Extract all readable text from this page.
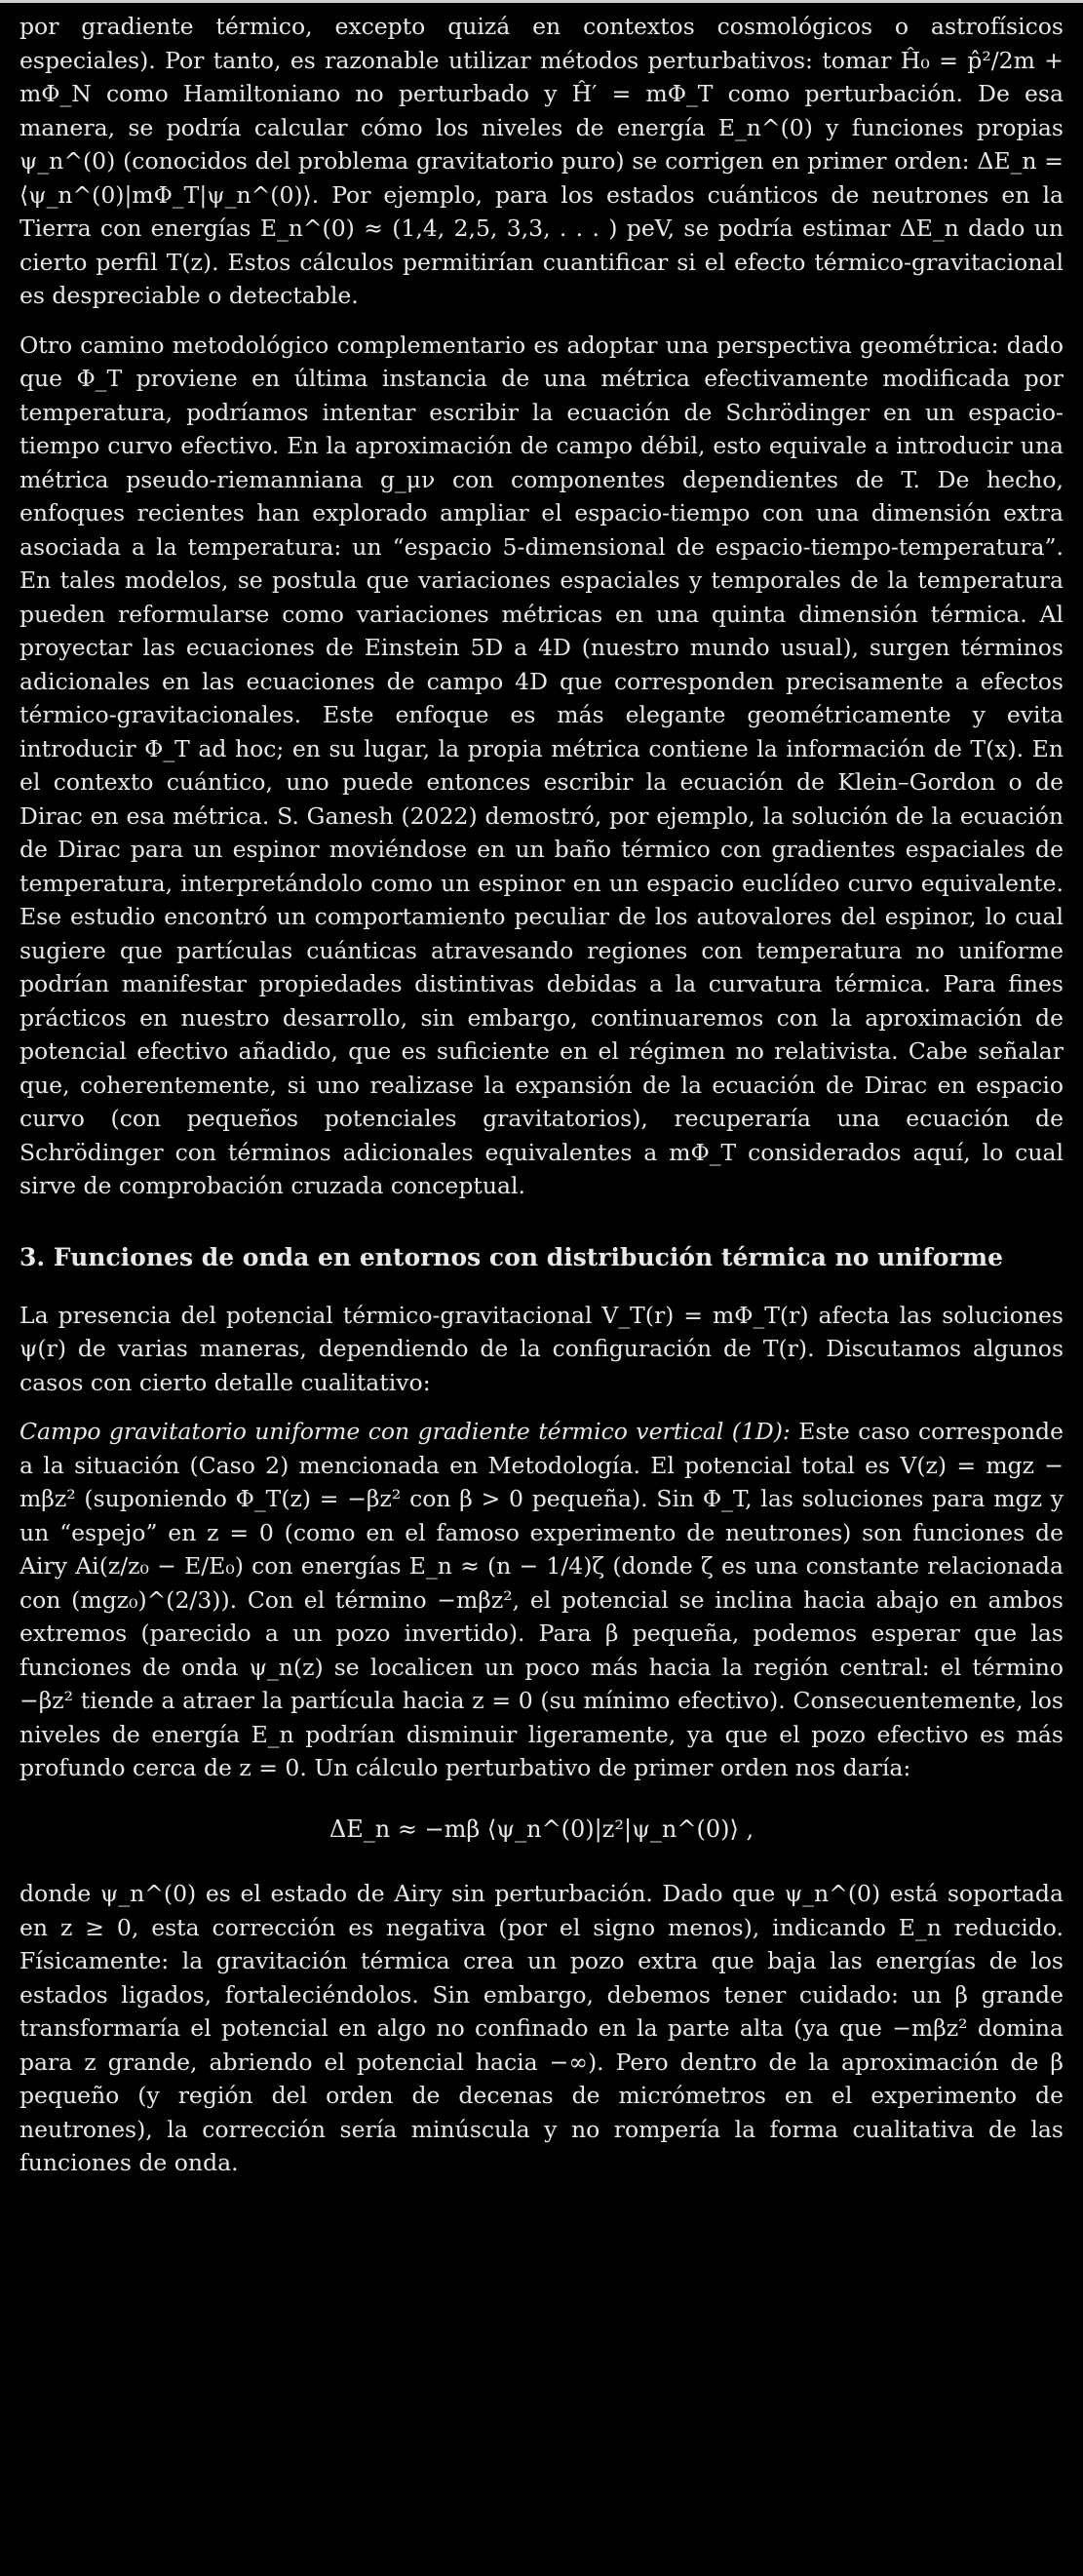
por gradiente térmico, excepto quizá en contextos cosmológicos o astrofísicos especiales). Por tanto, es razonable utilizar métodos perturbativos: tomar Ĥ₀ = p̂²/2m + mΦ_N como Hamiltoniano no perturbado y Ĥ′ = mΦ_T como perturbación. De esa manera, se podría calcular cómo los niveles de energía E_n^(0) y funciones propias ψ_n^(0) (conocidos del problema gravitatorio puro) se corrigen en primer orden: ΔE_n = ⟨ψ_n^(0)|mΦ_T|ψ_n^(0)⟩. Por ejemplo, para los estados cuánticos de neutrones en la Tierra con energías E_n^(0) ≈ (1,4, 2,5, 3,3, . . . ) peV, se podría estimar ΔE_n dado un cierto perfil T(z). Estos cálculos permitirían cuantificar si el efecto térmico-gravitacional es despreciable o detectable.

Otro camino metodológico complementario es adoptar una perspectiva geométrica: dado que Φ_T proviene en última instancia de una métrica efectivamente modificada por temperatura, podríamos intentar escribir la ecuación de Schrödinger en un espacio-tiempo curvo efectivo. En la aproximación de campo débil, esto equivale a introducir una métrica pseudo-riemanniana g_μν con componentes dependientes de T. De hecho, enfoques recientes han explorado ampliar el espacio-tiempo con una dimensión extra asociada a la temperatura: un “espacio 5-dimensional de espacio-tiempo-temperatura”. En tales modelos, se postula que variaciones espaciales y temporales de la temperatura pueden reformularse como variaciones métricas en una quinta dimensión térmica. Al proyectar las ecuaciones de Einstein 5D a 4D (nuestro mundo usual), surgen términos adicionales en las ecuaciones de campo 4D que corresponden precisamente a efectos térmico-gravitacionales. Este enfoque es más elegante geométricamente y evita introducir Φ_T ad hoc; en su lugar, la propia métrica contiene la información de T(x). En el contexto cuántico, uno puede entonces escribir la ecuación de Klein–Gordon o de Dirac en esa métrica. S. Ganesh (2022) demostró, por ejemplo, la solución de la ecuación de Dirac para un espinor moviéndose en un baño térmico con gradientes espaciales de temperatura, interpretándolo como un espinor en un espacio euclídeo curvo equivalente. Ese estudio encontró un comportamiento peculiar de los autovalores del espinor, lo cual sugiere que partículas cuánticas atravesando regiones con temperatura no uniforme podrían manifestar propiedades distintivas debidas a la curvatura térmica. Para fines prácticos en nuestro desarrollo, sin embargo, continuaremos con la aproximación de potencial efectivo añadido, que es suficiente en el régimen no relativista. Cabe señalar que, coherentemente, si uno realizase la expansión de la ecuación de Dirac en espacio curvo (con pequeños potenciales gravitatorios), recuperaría una ecuación de Schrödinger con términos adicionales equivalentes a mΦ_T considerados aquí, lo cual sirve de comprobación cruzada conceptual.

3. Funciones de onda en entornos con distribución térmica no uniforme

La presencia del potencial térmico-gravitacional V_T(r) = mΦ_T(r) afecta las soluciones ψ(r) de varias maneras, dependiendo de la configuración de T(r). Discutamos algunos casos con cierto detalle cualitativo:

Campo gravitatorio uniforme con gradiente térmico vertical (1D): Este caso corresponde a la situación (Caso 2) mencionada en Metodología. El potencial total es V(z) = mgz − mβz² (suponiendo Φ_T(z) = −βz² con β > 0 pequeña). Sin Φ_T, las soluciones para mgz y un “espejo” en z = 0 (como en el famoso experimento de neutrones) son funciones de Airy Ai(z/z₀ − E/E₀) con energías E_n ≈ (n − 1/4)ζ (donde ζ es una constante relacionada con (mgz₀)^(2/3)). Con el término −mβz², el potencial se inclina hacia abajo en ambos extremos (parecido a un pozo invertido). Para β pequeña, podemos esperar que las funciones de onda ψ_n(z) se localicen un poco más hacia la región central: el término −βz² tiende a atraer la partícula hacia z = 0 (su mínimo efectivo). Consecuentemente, los niveles de energía E_n podrían disminuir ligeramente, ya que el pozo efectivo es más profundo cerca de z = 0. Un cálculo perturbativo de primer orden nos daría:

ΔE_n ≈ −mβ ⟨ψ_n^(0)|z²|ψ_n^(0)⟩ ,

donde ψ_n^(0) es el estado de Airy sin perturbación. Dado que ψ_n^(0) está soportada en z ≥ 0, esta corrección es negativa (por el signo menos), indicando E_n reducido. Físicamente: la gravitación térmica crea un pozo extra que baja las energías de los estados ligados, fortaleciéndolos. Sin embargo, debemos tener cuidado: un β grande transformaría el potencial en algo no confinado en la parte alta (ya que −mβz² domina para z grande, abriendo el potencial hacia −∞). Pero dentro de la aproximación de β pequeño (y región del orden de decenas de micrómetros en el experimento de neutrones), la corrección sería minúscula y no rompería la forma cualitativa de las funciones de onda.
